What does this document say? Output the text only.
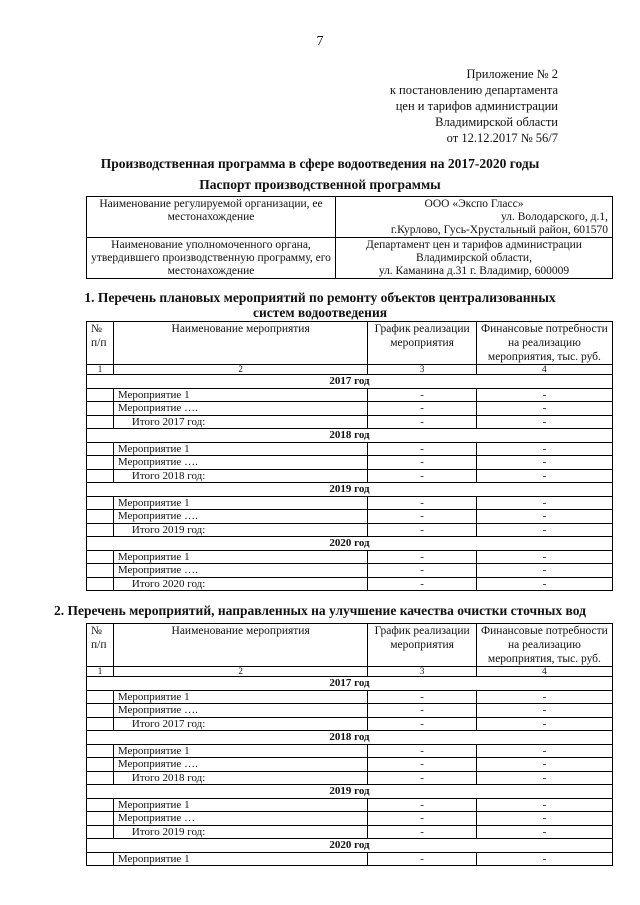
7
Приложение № 2
к постановлению департамента
цен и тарифов администрации
Владимирской области
от 12.12.2017 № 56/7
Производственная программа в сфере водоотведения на 2017-2020 годы
Паспорт производственной программы
Наименование регулируемой организации, ее местонахождение	ООО «Экспо Гласс»
ул. Володарского, д.1,
г.Курлово, Гусь-Хрустальный район, 601570

Наименование уполномоченного органа, утвердившего производственную программу, его местонахождение	Департамент цен и тарифов администрации
Владимирской области,
ул. Каманина д.31 г. Владимир, 600009
1. Перечень плановых мероприятий по ремонту объектов централизованных
систем водоотведения
№ п/п	Наименование мероприятия	График реализации мероприятия	Финансовые потребности на реализацию мероприятия, тыс. руб.
1	2	3	4
2017 год			
	Мероприятие 1	-	-
	Мероприятие ….	-	-
	Итого 2017 год:	-	-
2018 год			
	Мероприятие 1	-	-
	Мероприятие ….	-	-
	Итого 2018 год:	-	-
2019 год			
	Мероприятие 1	-	-
	Мероприятие ….	-	-
	Итого 2019 год:	-	-
2020 год			
	Мероприятие 1	-	-
	Мероприятие ….	-	-
	Итого 2020 год:	-	-
2. Перечень мероприятий, направленных на улучшение качества очистки сточных вод
№ п/п	Наименование мероприятия	График реализации мероприятия	Финансовые потребности на реализацию мероприятия, тыс. руб.
1	2	3	4
2017 год			
	Мероприятие 1	-	-
	Мероприятие ….	-	-
	Итого 2017 год:	-	-
2018 год			
	Мероприятие 1	-	-
	Мероприятие ….	-	-
	Итого 2018 год:	-	-
2019 год			
	Мероприятие 1	-	-
	Мероприятие …	-	-
	Итого 2019 год:	-	-
2020 год			
	Мероприятие 1	-	-
